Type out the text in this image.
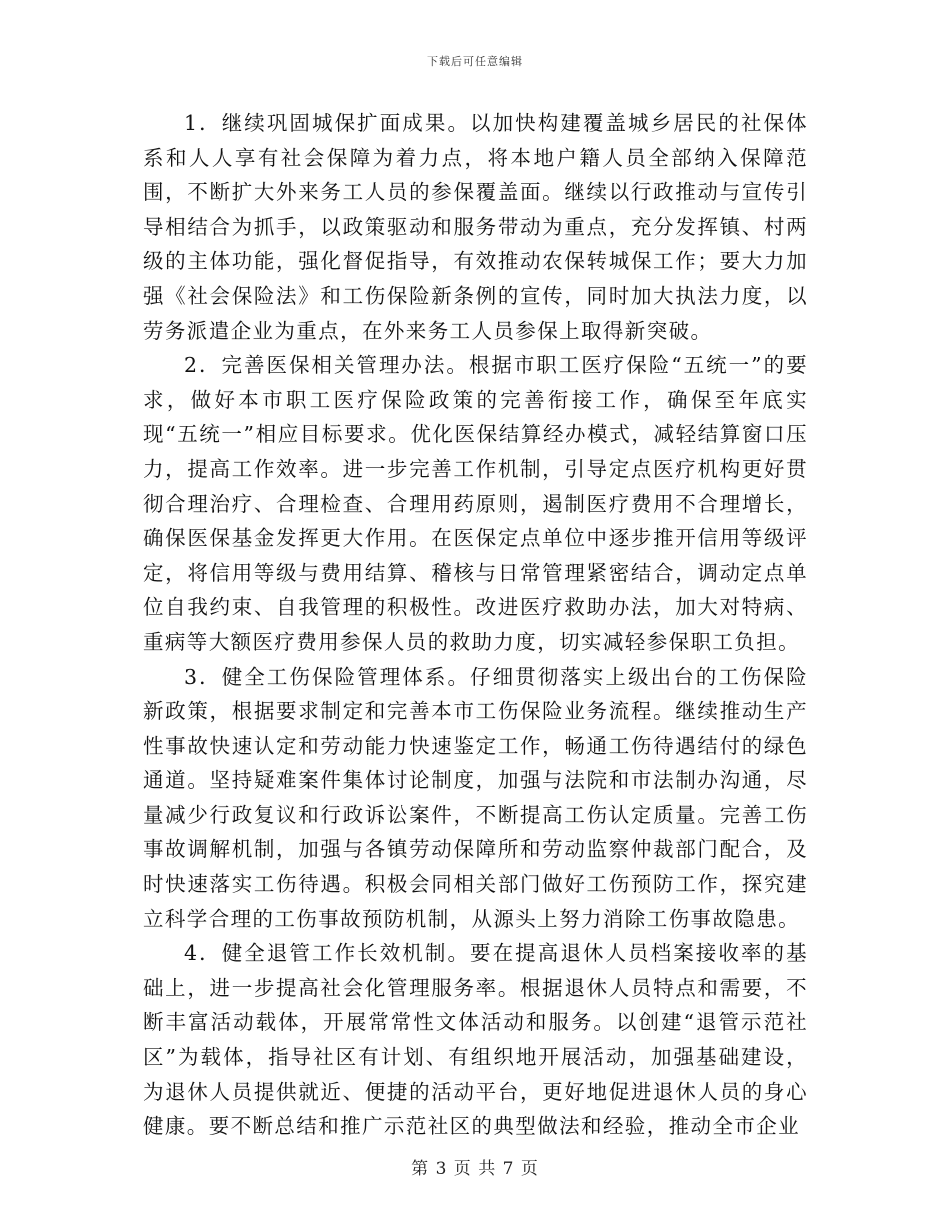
下载后可任意编辑

1．继续巩固城保扩面成果。以加快构建覆盖城乡居民的社保体系和人人享有社会保障为着力点，将本地户籍人员全部纳入保障范围，不断扩大外来务工人员的参保覆盖面。继续以行政推动与宣传引导相结合为抓手，以政策驱动和服务带动为重点，充分发挥镇、村两级的主体功能，强化督促指导，有效推动农保转城保工作；要大力加强《社会保险法》和工伤保险新条例的宣传，同时加大执法力度，以劳务派遣企业为重点，在外来务工人员参保上取得新突破。

2．完善医保相关管理办法。根据市职工医疗保险“五统一”的要求，做好本市职工医疗保险政策的完善衔接工作，确保至年底实现“五统一”相应目标要求。优化医保结算经办模式，减轻结算窗口压力，提高工作效率。进一步完善工作机制，引导定点医疗机构更好贯彻合理治疗、合理检查、合理用药原则，遏制医疗费用不合理增长，确保医保基金发挥更大作用。在医保定点单位中逐步推开信用等级评定，将信用等级与费用结算、稽核与日常管理紧密结合，调动定点单位自我约束、自我管理的积极性。改进医疗救助办法，加大对特病、重病等大额医疗费用参保人员的救助力度，切实减轻参保职工负担。

3．健全工伤保险管理体系。仔细贯彻落实上级出台的工伤保险新政策，根据要求制定和完善本市工伤保险业务流程。继续推动生产性事故快速认定和劳动能力快速鉴定工作，畅通工伤待遇结付的绿色通道。坚持疑难案件集体讨论制度，加强与法院和市法制办沟通，尽量减少行政复议和行政诉讼案件，不断提高工伤认定质量。完善工伤事故调解机制，加强与各镇劳动保障所和劳动监察仲裁部门配合，及时快速落实工伤待遇。积极会同相关部门做好工伤预防工作，探究建立科学合理的工伤事故预防机制，从源头上努力消除工伤事故隐患。

4．健全退管工作长效机制。要在提高退休人员档案接收率的基础上，进一步提高社会化管理服务率。根据退休人员特点和需要，不断丰富活动载体，开展常常性文体活动和服务。以创建“退管示范社区”为载体，指导社区有计划、有组织地开展活动，加强基础建设，为退休人员提供就近、便捷的活动平台，更好地促进退休人员的身心健康。要不断总结和推广示范社区的典型做法和经验，推动全市企业

第 3 页 共 7 页
